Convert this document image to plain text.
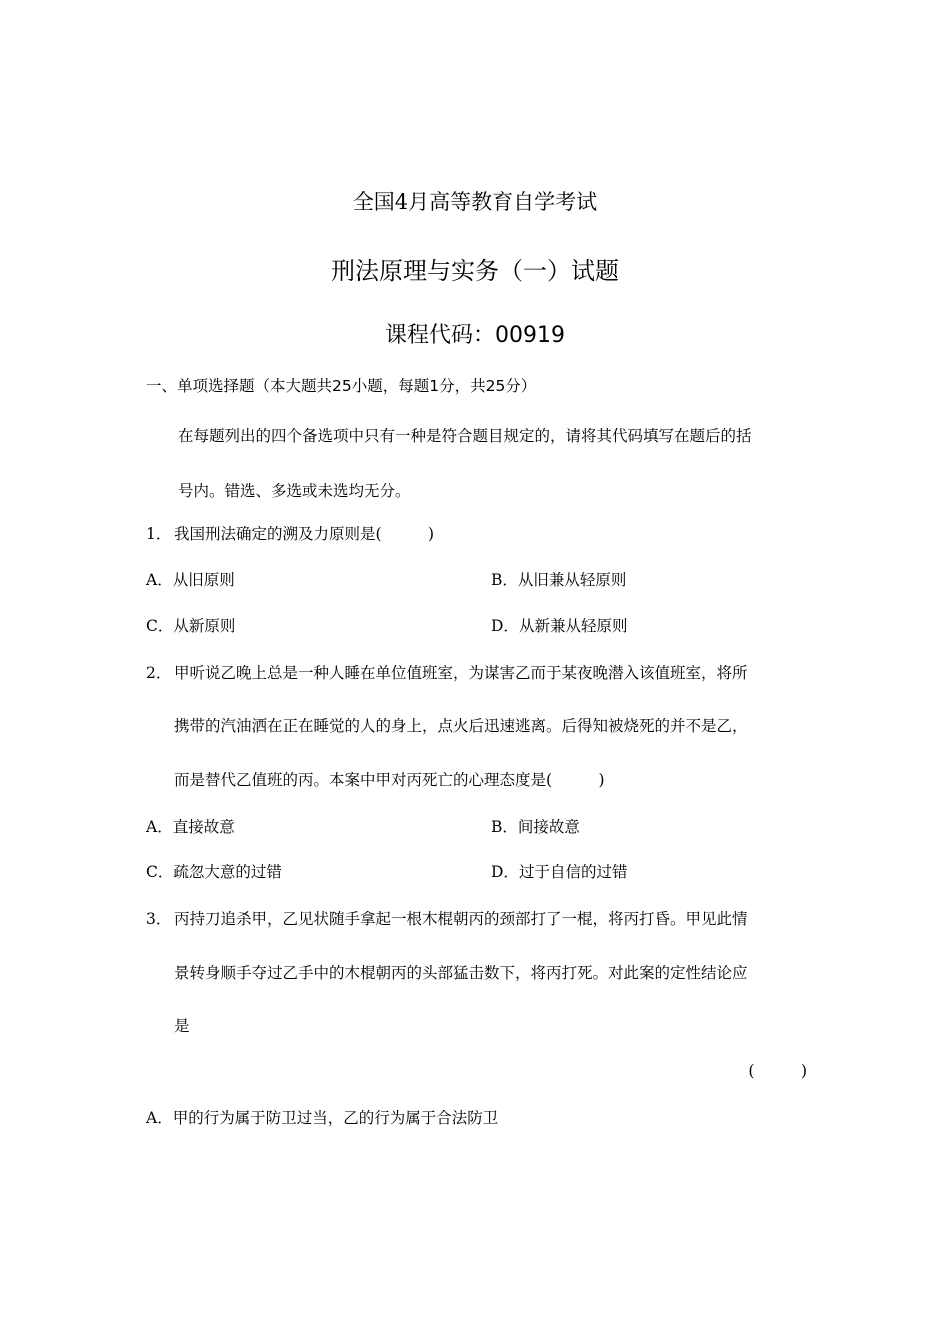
全国4月高等教育自学考试
刑法原理与实务（一）试题
课程代码：00919
一、单项选择题（本大题共25小题，每题1分，共25分）
在每题列出的四个备选项中只有一种是符合题目规定的，请将其代码填写在题后的括
号内。错选、多选或未选均无分。
1． 我国刑法确定的溯及力原则是(　　　)
A．从旧原则	B．从旧兼从轻原则
C．从新原则	D．从新兼从轻原则
2． 甲听说乙晚上总是一种人睡在单位值班室，为谋害乙而于某夜晚潜入该值班室，将所
携带的汽油洒在正在睡觉的人的身上，点火后迅速逃离。后得知被烧死的并不是乙，
而是替代乙值班的丙。本案中甲对丙死亡的心理态度是(　　　)
A．直接故意	B．间接故意
C．疏忽大意的过错	D．过于自信的过错
3． 丙持刀追杀甲，乙见状随手拿起一根木棍朝丙的颈部打了一棍，将丙打昏。甲见此情
景转身顺手夺过乙手中的木棍朝丙的头部猛击数下，将丙打死。对此案的定性结论应
是
(　　　)
A．甲的行为属于防卫过当，乙的行为属于合法防卫
